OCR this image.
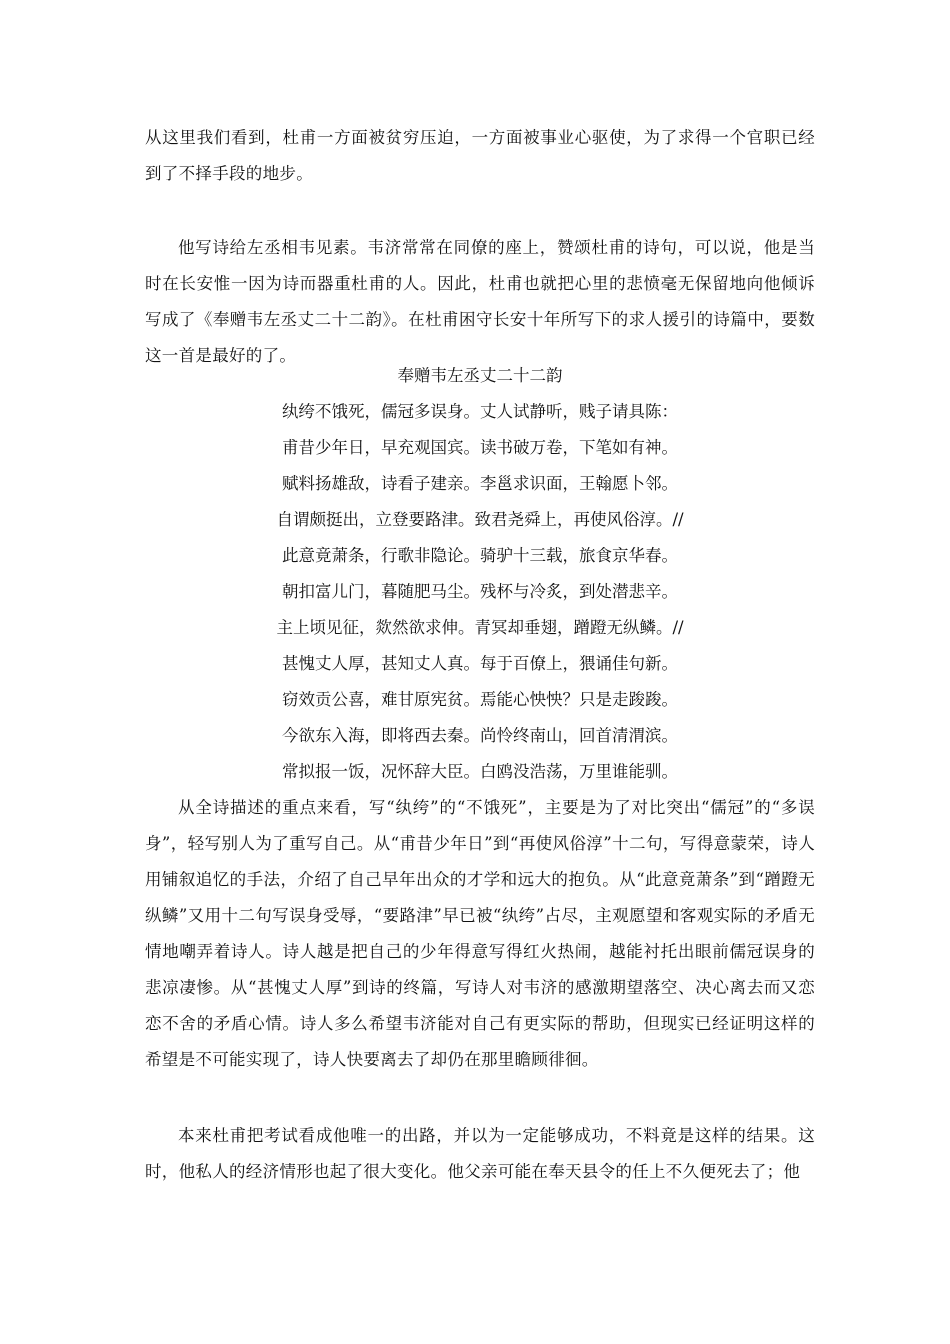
从这里我们看到，杜甫一方面被贫穷压迫，一方面被事业心驱使，为了求得一个官职已经到了不择手段的地步。

他写诗给左丞相韦见素。韦济常常在同僚的座上，赞颂杜甫的诗句，可以说，他是当时在长安惟一因为诗而器重杜甫的人。因此，杜甫也就把心里的悲愤毫无保留地向他倾诉写成了《奉赠韦左丞丈二十二韵》。在杜甫困守长安十年所写下的求人援引的诗篇中，要数这一首是最好的了。

奉赠韦左丞丈二十二韵

纨绔不饿死，儒冠多误身。丈人试静听，贱子请具陈：

甫昔少年日，早充观国宾。读书破万卷，下笔如有神。

赋料扬雄敌，诗看子建亲。李邕求识面，王翰愿卜邻。

自谓颇挺出，立登要路津。致君尧舜上，再使风俗淳。//

此意竟萧条，行歌非隐论。骑驴十三载，旅食京华春。

朝扣富儿门，暮随肥马尘。残杯与冷炙，到处潜悲辛。

主上顷见征，欻然欲求伸。青冥却垂翅，蹭蹬无纵鳞。//

甚愧丈人厚，甚知丈人真。每于百僚上，猥诵佳句新。

窃效贡公喜，难甘原宪贫。焉能心怏怏？只是走踆踆。

今欲东入海，即将西去秦。尚怜终南山，回首清渭滨。

常拟报一饭，况怀辞大臣。白鸥没浩荡，万里谁能驯。

从全诗描述的重点来看，写“纨绔”的“不饿死”，主要是为了对比突出“儒冠”的“多误身”，轻写别人为了重写自己。从“甫昔少年日”到“再使风俗淳”十二句，写得意蒙荣，诗人用铺叙追忆的手法，介绍了自己早年出众的才学和远大的抱负。从“此意竟萧条”到“蹭蹬无纵鳞”又用十二句写误身受辱，“要路津”早已被“纨绔”占尽，主观愿望和客观实际的矛盾无情地嘲弄着诗人。诗人越是把自己的少年得意写得红火热闹，越能衬托出眼前儒冠误身的悲凉凄惨。从“甚愧丈人厚”到诗的终篇，写诗人对韦济的感激期望落空、决心离去而又恋恋不舍的矛盾心情。诗人多么希望韦济能对自己有更实际的帮助，但现实已经证明这样的希望是不可能实现了，诗人快要离去了却仍在那里瞻顾徘徊。

本来杜甫把考试看成他唯一的出路，并以为一定能够成功，不料竟是这样的结果。这时，他私人的经济情形也起了很大变化。他父亲可能在奉天县令的任上不久便死去了；他
